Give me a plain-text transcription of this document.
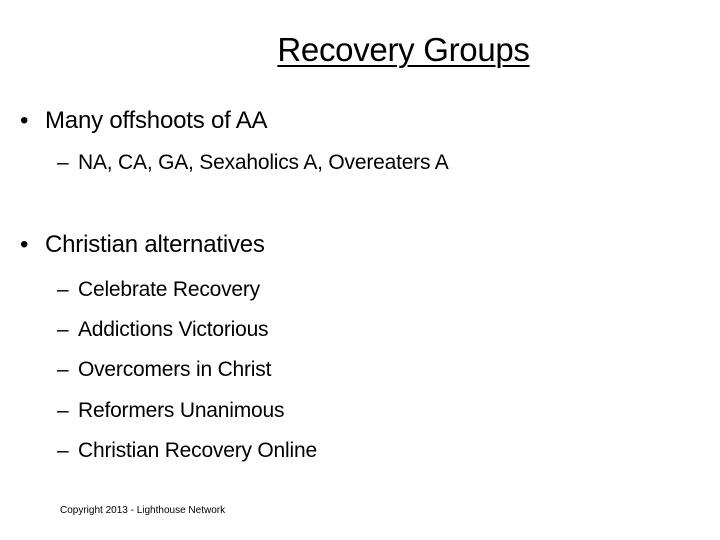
Recovery Groups
• Many offshoots of AA
– NA, CA, GA, Sexaholics A, Overeaters A
• Christian alternatives
– Celebrate Recovery
– Addictions Victorious
– Overcomers in Christ
– Reformers Unanimous
– Christian Recovery Online
Copyright 2013 - Lighthouse Network
